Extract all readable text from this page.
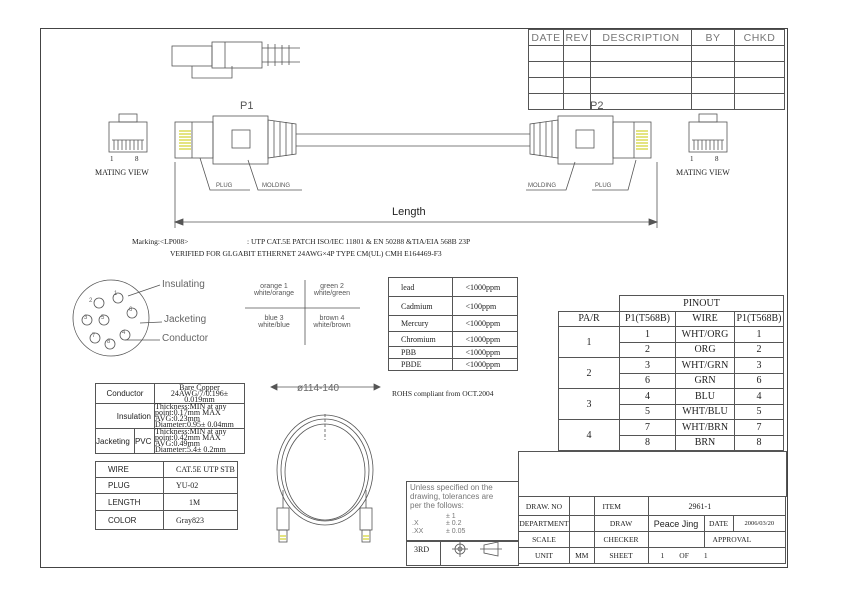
DATE	REV	DESCRIPTION	BY	CHKD

P1	P2
1	8	1	8
MATING VIEW	MATING VIEW
PLUG	MOLDING	MOLDING	PLUG
Length
Marking:<LP008>	: UTP CAT.5E PATCH ISO/IEC 11801 & EN 50288 &TIA/EIA 568B 23P
VERIFIED FOR GLGABIT ETHERNET 24AWG×4P TYPE CM(UL) CMH E164469-F3
Insulating
Jacketing
Conductor
2
1
6
3 5
4
7
8
orange 1
white/orange
green 2
white/green
blue 3
white/blue
brown 4
white/brown
lead	<1000ppm
Cadmium	<100ppm
Mercury	<1000ppm
Chromium	<1000ppm
PBB	<1000ppm
PBDE	<1000ppm
ROHS compliant from OCT.2004
	PINOUT		
PA/R	P1(T568B)	WIRE	P1(T568B)
1	1	WHT/ORG	1
	2	ORG	2
2	3	WHT/GRN	3
	6	GRN	6
3	4	BLU	4
	5	WHT/BLU	5
4	7	WHT/BRN	7
	8	BRN	8
Conductor		Bare Copper 24AWG/7/0.196± 0.019mm
Insulation		Thickness:MIN at any point:0.17mm MAX AVG:0.23mm Diameter:0.95± 0.04mm
Jacketing	PVC	Thickness:MIN at any point:0.42mm MAX AVG:0.49mm Diameter:5.4± 0.2mm
WIRE	CAT.5E UTP STB
PLUG	YU-02
LENGTH	1M
COLOR	Gray823
ø114-140
Unless specified on the
drawing, tolerances are
per the follows:
± 1
.X	± 0.2
.XX	± 0.05
3RD
DRAW. NO		ITEM	2961-1		
DEPARTMENT		DRAW	Peace Jing	DATE	2006/03/20
SCALE		CHECKER		APPROVAL	
UNIT	MM	SHEET	1 OF 1		
